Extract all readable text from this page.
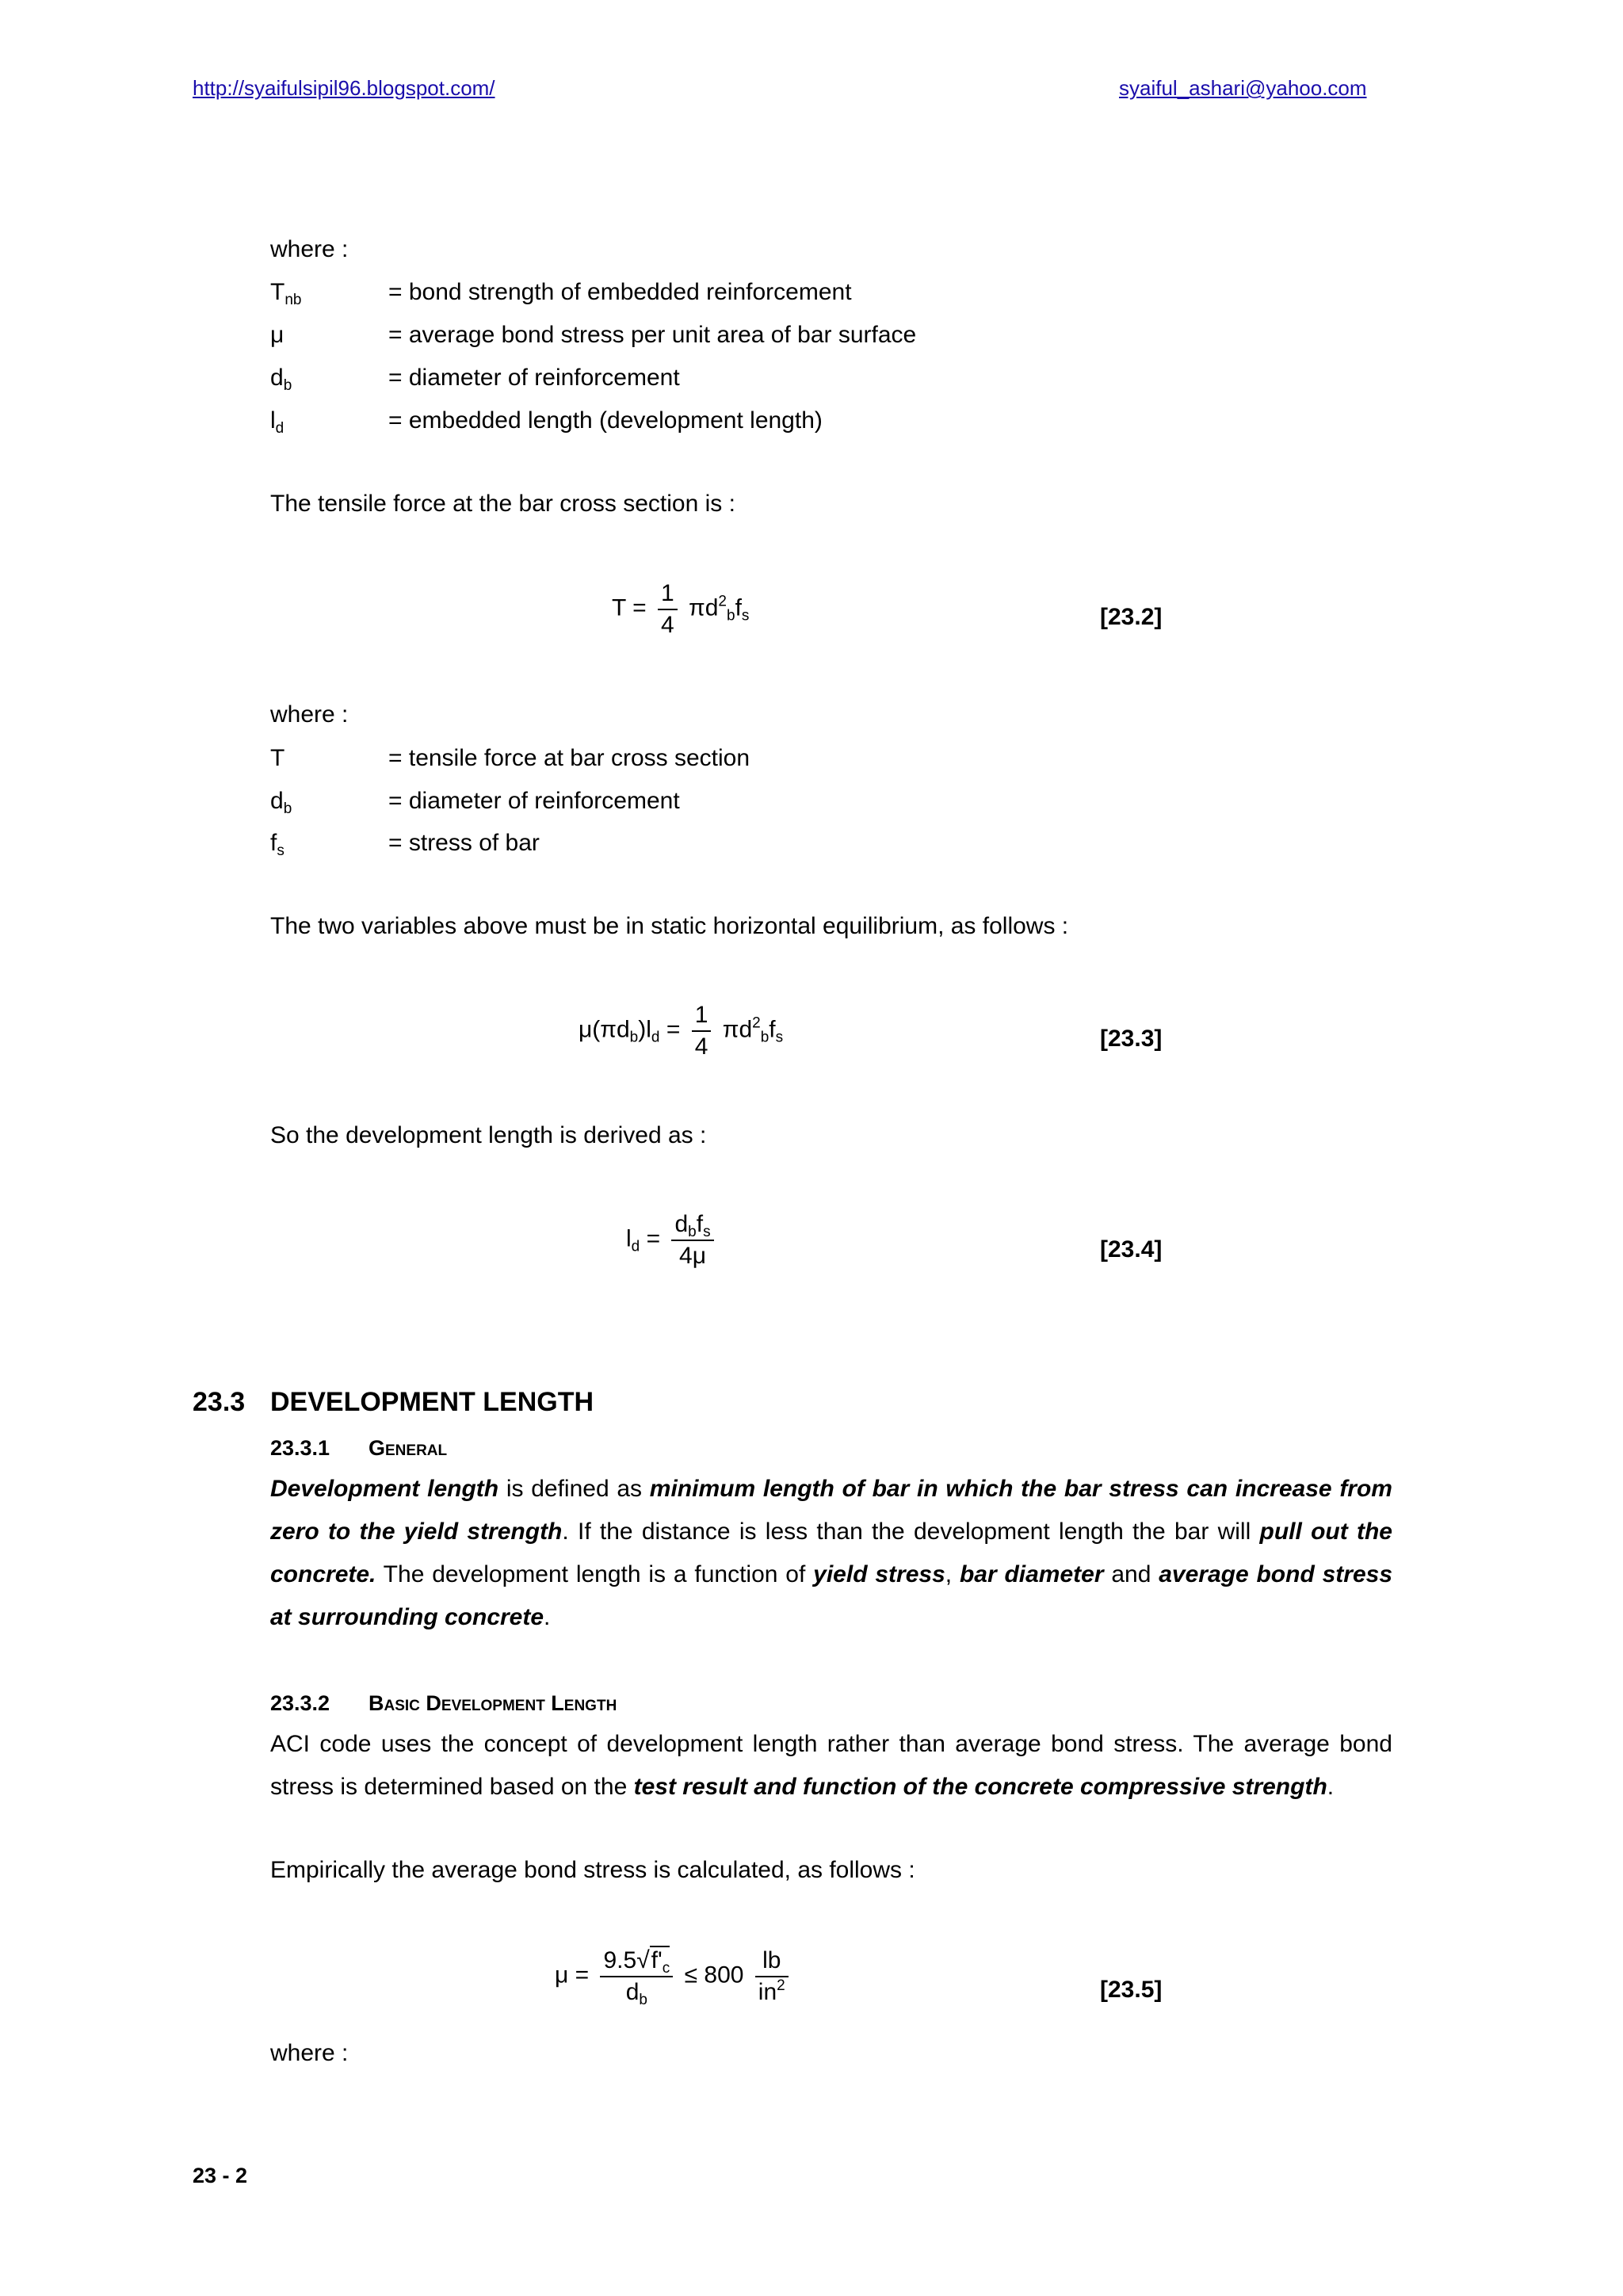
http://syaifulsipil96.blogspot.com/	syaiful_ashari@yahoo.com
where :
$T_{nb}$	= bond strength of embedded reinforcement
μ	= average bond stress per unit area of bar surface
$d_b$	= diameter of reinforcement
$l_d$	= embedded length (development length)
The tensile force at the bar cross section is :
$T = \frac{1}{4} \pi d^2_bf_s$	[23.2]
where :
T	= tensile force at bar cross section
$d_b$	= diameter of reinforcement
$f_s$	= stress of bar
The two variables above must be in static horizontal equilibrium, as follows :
$\mu(\pi d_b)l_d = \frac{1}{4} \pi d^2_bf_s$	[23.3]
So the development length is derived as :
$l_d = \frac{d_bf_s}{4\mu}$	[23.4]
23.3 DEVELOPMENT LENGTH
23.3.1 General
Development length is defined as minimum length of bar in which the bar stress can increase from zero to the yield strength. If the distance is less than the development length the bar will pull out the concrete. The development length is a function of yield stress, bar diameter and average bond stress at surrounding concrete.
23.3.2 Basic Development Length
ACI code uses the concept of development length rather than average bond stress. The average bond stress is determined based on the test result and function of the concrete compressive strength.
Empirically the average bond stress is calculated, as follows :
$\mu = \frac{9.5√f'_c}{d_b} \le 800 \frac{lb}{in^2}$	[23.5]
where :
23 - 2
